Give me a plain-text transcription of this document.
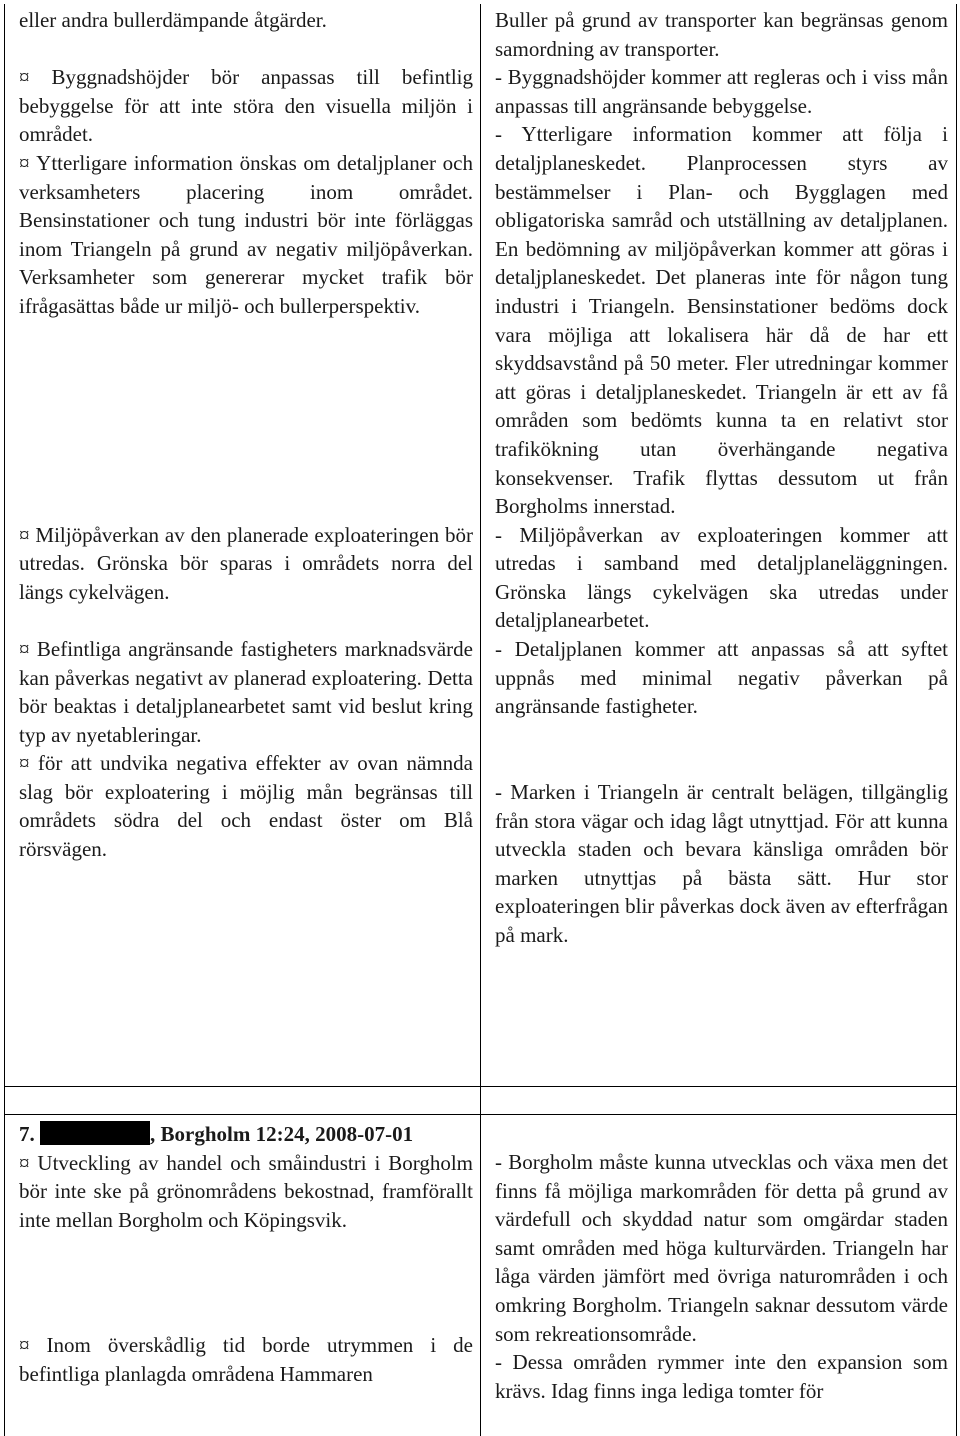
eller andra bullerdämpande åtgärder.

¤ Byggnadshöjder bör anpassas till befintlig bebyggelse för att inte störa den visuella miljön i området.

¤ Ytterligare information önskas om detaljplaner och verksamheters placering inom området. Bensinstationer och tung industri bör inte förläggas inom Triangeln på grund av negativ miljöpåverkan. Verksamheter som genererar mycket trafik bör ifrågasättas både ur miljö- och bullerperspektiv.

¤ Miljöpåverkan av den planerade exploateringen bör utredas. Grönska bör sparas i områdets norra del längs cykelvägen.

¤ Befintliga angränsande fastigheters marknadsvärde kan påverkas negativt av planerad exploatering. Detta bör beaktas i detaljplanearbetet samt vid beslut kring typ av nyetableringar.

¤ för att undvika negativa effekter av ovan nämnda slag bör exploatering i möjlig mån begränsas till områdets södra del och endast öster om Blå rörsvägen.

Buller på grund av transporter kan begränsas genom samordning av transporter.

- Byggnadshöjder kommer att regleras och i viss mån anpassas till angränsande bebyggelse.

- Ytterligare information kommer att följa i detaljplaneskedet. Planprocessen styrs av bestämmelser i Plan- och Bygglagen med obligatoriska samråd och utställning av detaljplanen. En bedömning av miljöpåverkan kommer att göras i detaljplaneskedet. Det planeras inte för någon tung industri i Triangeln. Bensinstationer bedöms dock vara möjliga att lokalisera här då de har ett skyddsavstånd på 50 meter. Fler utredningar kommer att göras i detaljplaneskedet. Triangeln är ett av få områden som bedömts kunna ta en relativt stor trafikökning utan överhängande negativa konsekvenser. Trafik flyttas dessutom ut från Borgholms innerstad.

- Miljöpåverkan av exploateringen kommer att utredas i samband med detaljplaneläggningen. Grönska längs cykelvägen ska utredas under detaljplanearbetet.

- Detaljplanen kommer att anpassas så att syftet uppnås med minimal negativ påverkan på angränsande fastigheter.

- Marken i Triangeln är centralt belägen, tillgänglig från stora vägar och idag lågt utnyttjad. För att kunna utveckla staden och bevara känsliga områden bör marken utnyttjas på bästa sätt. Hur stor exploateringen blir påverkas dock även av efterfrågan på mark.

7.	, Borgholm 12:24, 2008-07-01

¤ Utveckling av handel och småindustri i Borgholm bör inte ske på grönområdens bekostnad, framförallt inte mellan Borgholm och Köpingsvik.

¤ Inom överskådlig tid borde utrymmen i de befintliga planlagda områdena Hammaren

- Borgholm måste kunna utvecklas och växa men det finns få möjliga markområden för detta på grund av värdefull och skyddad natur som omgärdar staden samt områden med höga kulturvärden. Triangeln har låga värden jämfört med övriga naturområden i och omkring Borgholm. Triangeln saknar dessutom värde som rekreationsområde.

- Dessa områden rymmer inte den expansion som krävs. Idag finns inga lediga tomter för
